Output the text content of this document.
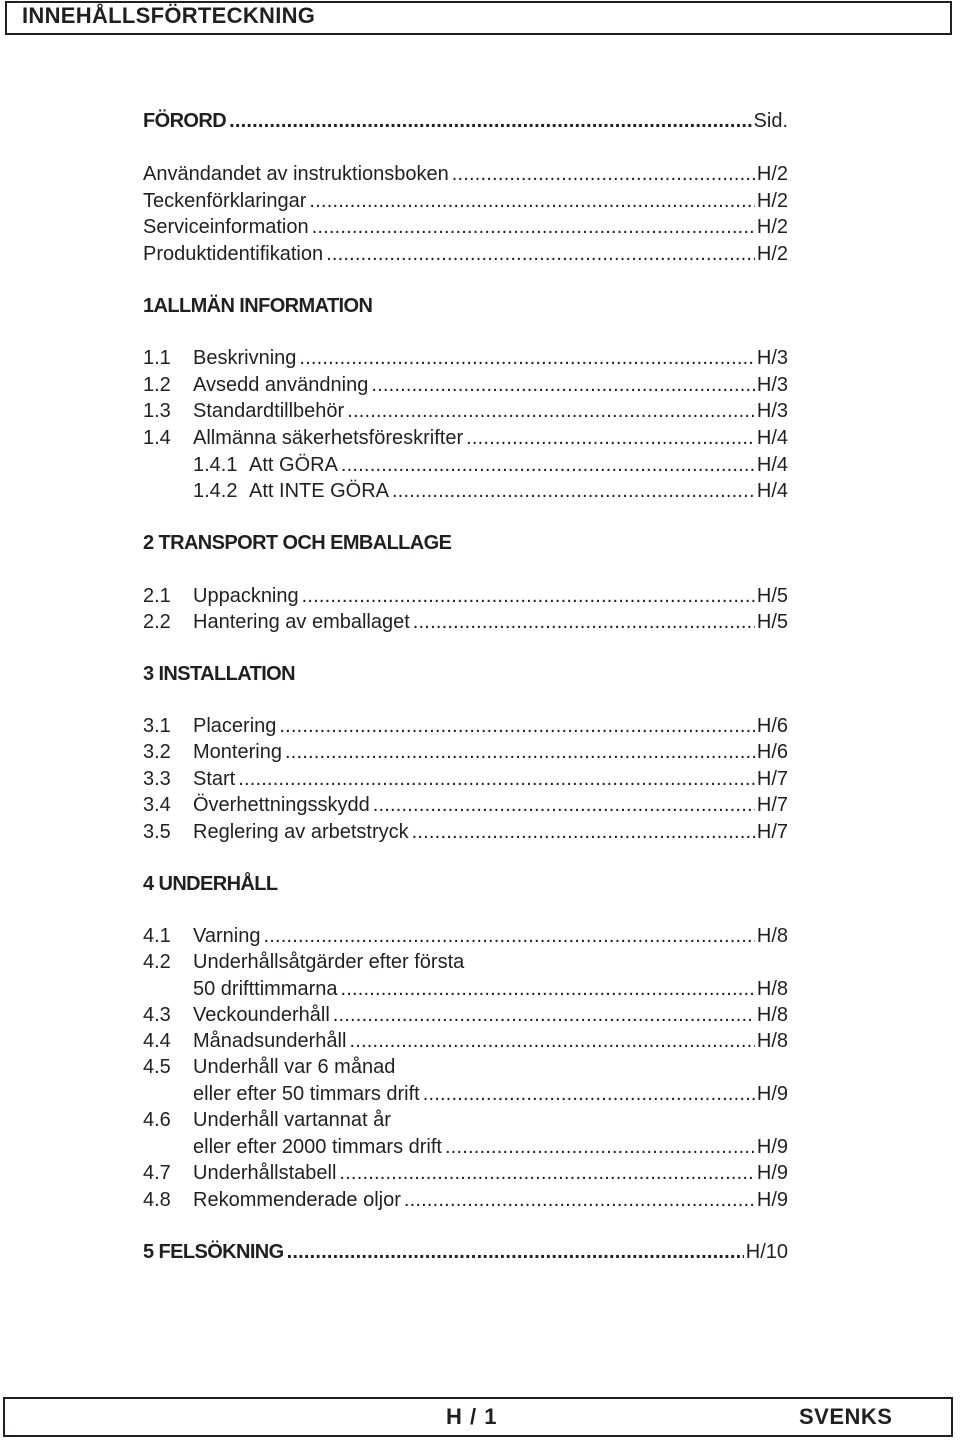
INNEHÅLLSFÖRTECKNING
FÖRORD .....	Sid.
Användandet av instruktionsboken .....	H/2
Teckenförklaringar .....	H/2
Serviceinformation .....	H/2
Produktidentifikation .....	H/2
1ALLMÄN INFORMATION
1.1	Beskrivning .....	H/3
1.2	Avsedd användning .....	H/3
1.3	Standardtillbehör .....	H/3
1.4	Allmänna säkerhetsföreskrifter .....	H/4
1.4.1 Att GÖRA .....	H/4
1.4.2 Att INTE GÖRA .....	H/4
2 TRANSPORT OCH EMBALLAGE
2.1	Uppackning .....	H/5
2.2	Hantering av emballaget .....	H/5
3 INSTALLATION
3.1	Placering .....	H/6
3.2	Montering .....	H/6
3.3	Start .....	H/7
3.4	Överhettningsskydd .....	H/7
3.5	Reglering av arbetstryck .....	H/7
4 UNDERHÅLL
4.1	Varning .....	H/8
4.2	Underhållsåtgärder efter första
50 drifttimmarna .....	H/8
4.3	Veckounderhåll .....	H/8
4.4	Månadsunderhåll .....	H/8
4.5	Underhåll var 6 månad
eller efter 50 timmars drift .....	H/9
4.6	Underhåll vartannat år
eller efter 2000 timmars drift .....	H/9
4.7	Underhållstabell .....	H/9
4.8	Rekommenderade oljor .....	H/9
5 FELSÖKNING .....	H/10
H / 1	SVENKS
